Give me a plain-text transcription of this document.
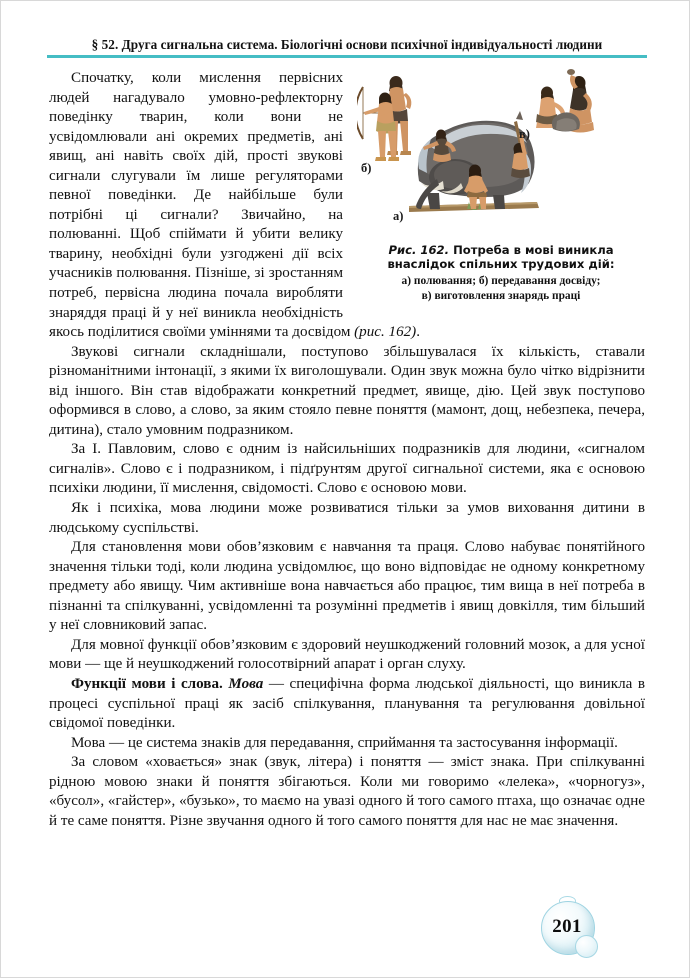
§ 52. Друга сигнальна система. Біологічні основи психічної індивідуальності людини
б)
а)
в)
Рис. 162. Потреба в мові виникла
внаслідок спільних трудових дій:
а) полювання; б) передавання досвіду;
в) виготовлення знарядь праці

Спочатку, коли мислення первісних людей нагадувало умовно-рефлекторну поведінку тварин, коли вони не усвідомлювали ані окремих предметів, ані явищ, ані навіть своїх дій, прості звукові сигнали слугували їм лише регуляторами певної поведінки. Де найбільше були потрібні ці сигнали? Звичайно, на полюванні. Щоб спіймати й убити велику тварину, необхідні були узгоджені дії всіх учасників полювання. Пізніше, зі зростанням потреб, первісна людина почала виробляти знаряддя праці й у неї виникла необхідність якось поділитися своїми уміннями та досвідом (рис. 162).

Звукові сигнали складнішали, поступово збільшувалася їх кількість, ставали різноманітними інтонації, з якими їх виголошували. Один звук можна було чітко відрізнити від іншого. Він став відображати конкретний предмет, явище, дію. Цей звук поступово оформився в слово, а слово, за яким стояло певне поняття (мамонт, дощ, небезпека, печера, дитина), стало умовним подразником.

За І. Павловим, слово є одним із найсильніших подразників для людини, «сигналом сигналів». Слово є і подразником, і підґрунтям другої сигнальної системи, яка є основою психіки людини, її мислення, свідомості. Слово є основою мови.

Як і психіка, мова людини може розвиватися тільки за умов виховання дитини в людському суспільстві.

Для становлення мови обов’язковим є навчання та праця. Слово набуває понятійного значення тільки тоді, коли людина усвідомлює, що воно відповідає не одному конкретному предмету або явищу. Чим активніше вона навчається або працює, тим вища в неї потреба в пізнанні та спілкуванні, усвідомленні та розумінні предметів і явищ довкілля, тим більший у неї словниковий запас.

Для мовної функції обов’язковим є здоровий неушкоджений головний мозок, а для усної мови — ще й неушкоджений голосотвірний апарат і орган слуху.

Функції мови і слова. Мова — специфічна форма людської діяльності, що виникла в процесі суспільної праці як засіб спілкування, планування та регулювання довільної свідомої поведінки.

Мова — це система знаків для передавання, сприймання та застосування інформації.

За словом «ховається» знак (звук, літера) і поняття — зміст знака. При спілкуванні рідною мовою знаки й поняття збігаються. Коли ми говоримо «лелека», «чорногуз», «бусол», «гайстер», «бузько», то маємо на увазі одного й того самого птаха, що означає одне й те саме поняття. Різне звучання одного й того самого поняття для нас не має значення.

201
